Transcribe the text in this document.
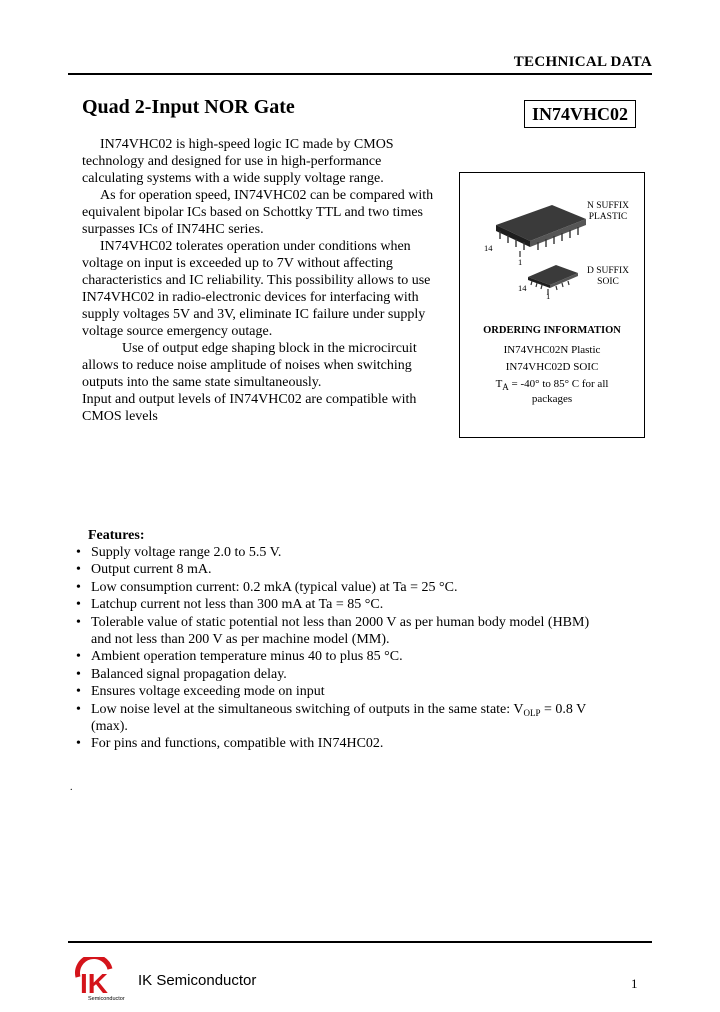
TECHNICAL DATA
Quad 2-Input NOR Gate	IN74VHC02

IN74VHC02 is high-speed logic IC made by CMOS technology and designed for use in high-performance calculating systems with a wide supply voltage range.

As for operation speed, IN74VHC02 can be compared with equivalent bipolar ICs based on Schottky TTL and two times surpasses ICs of IN74HC series.

IN74VHC02 tolerates operation under conditions when voltage on input is exceeded up to 7V without affecting characteristics and IC reliability. This possibility allows to use IN74VHC02 in radio-electronic devices for interfacing with supply voltages 5V and 3V, eliminate IC failure under supply voltage source emergency outage.

Use of output edge shaping block in the microcircuit allows to reduce noise amplitude of noises when switching outputs into the same state simultaneously.

Input and output levels of IN74VHC02 are compatible with CMOS levels

N SUFFIX
PLASTIC
14
1
D SUFFIX
SOIC
14
1
ORDERING INFORMATION
IN74VHC02N Plastic
IN74VHC02D SOIC
$T_A = -40^\circ$ to 85° C for all
packages
Features:
• Supply voltage range 2.0 to 5.5 V.
• Output current 8 mA.
• Low consumption current: 0.2 mkA (typical value) at Ta = 25 °C.
• Latchup current not less than 300 mA at Ta = 85 °C.
• Tolerable value of static potential not less than 2000 V as per human body model (HBM) and not less than 200 V as per machine model (MM).
• Ambient operation temperature minus 40 to plus 85 °C.
• Balanced signal propagation delay.
• Ensures voltage exceeding mode on input
• Low noise level at the simultaneous switching of outputs in the same state: $V_{OLP} = 0.8$ V (max).
• For pins and functions, compatible with IN74HC02.
.
IK
Semiconductor
IK Semiconductor	1
